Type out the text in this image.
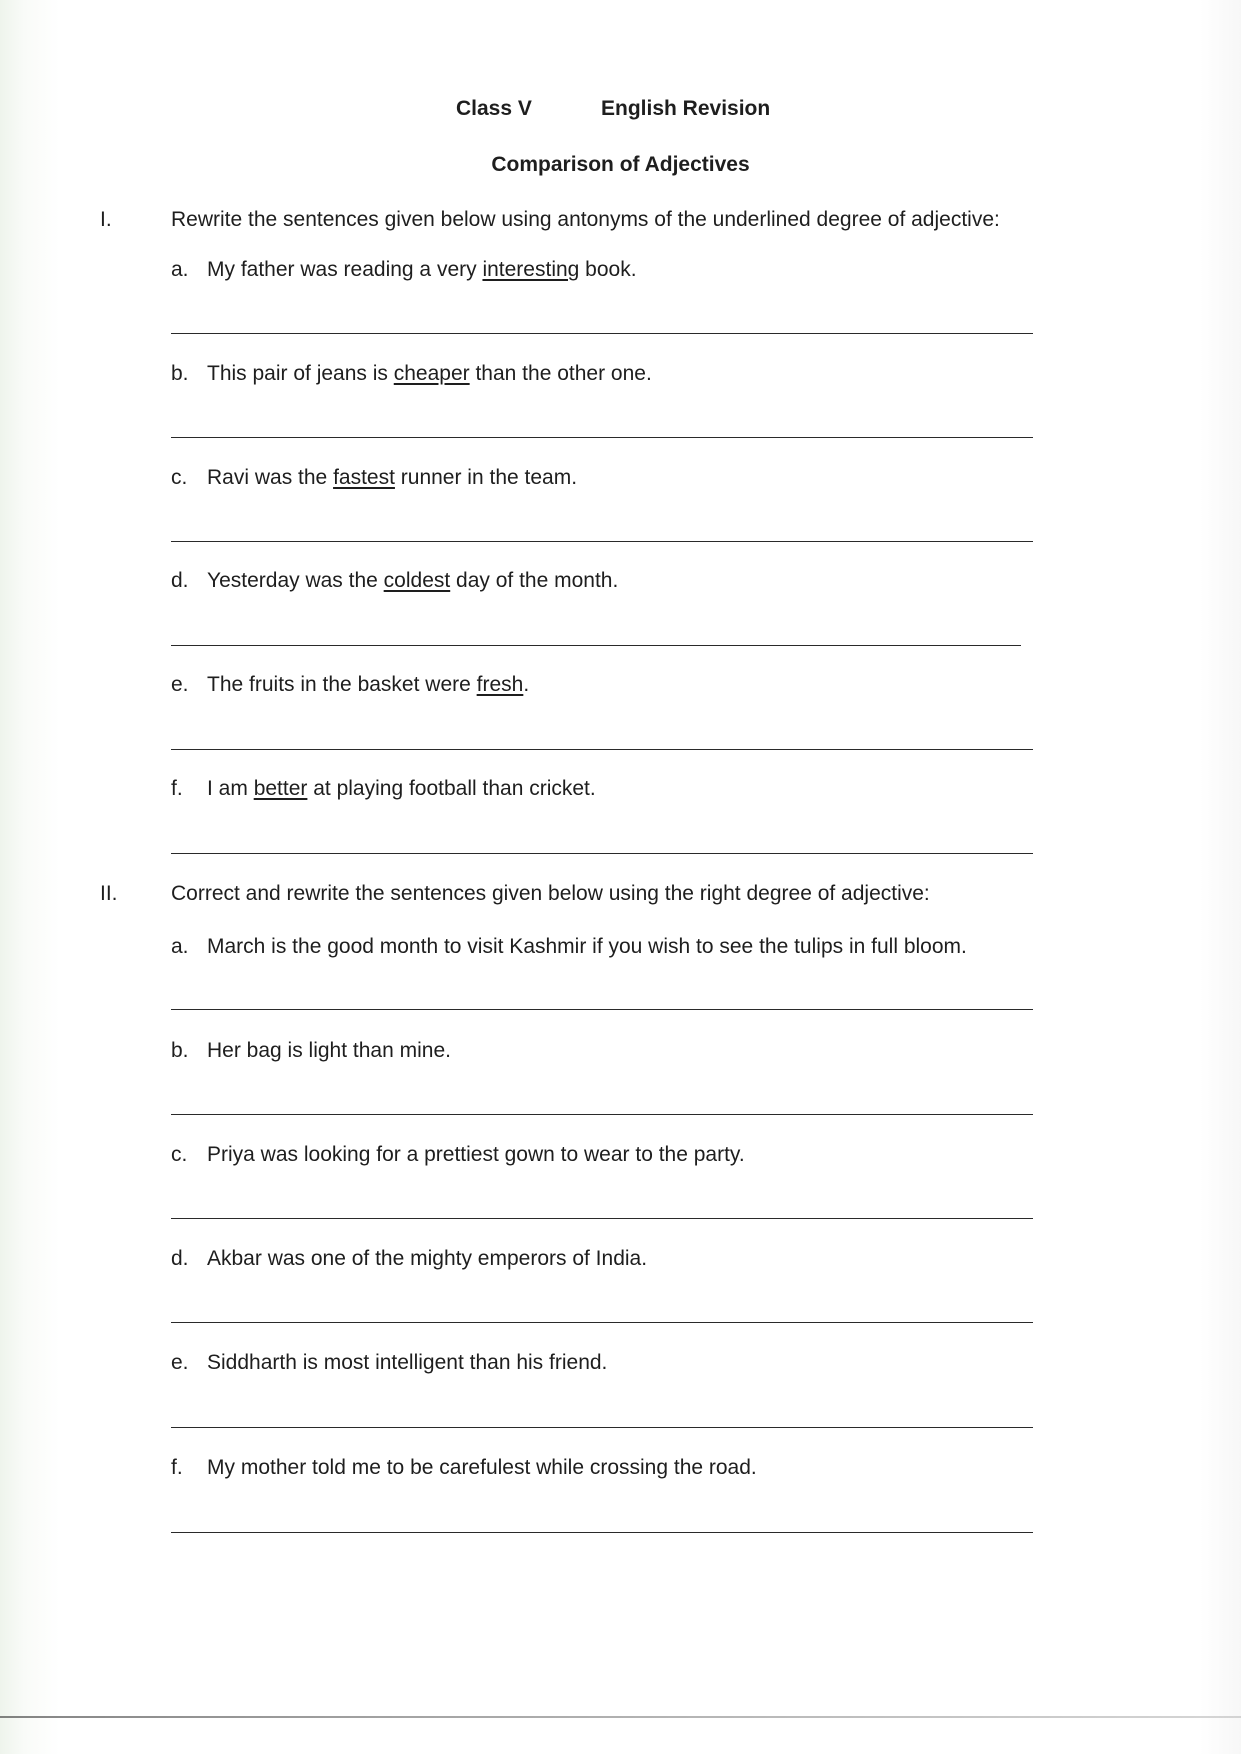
Class V	English Revision
Comparison of Adjectives
I.	Rewrite the sentences given below using antonyms of the underlined degree of adjective:
a. My father was reading a very interesting book.
b. This pair of jeans is cheaper than the other one.
c. Ravi was the fastest runner in the team.
d. Yesterday was the coldest day of the month.
e. The fruits in the basket were fresh.
f. I am better at playing football than cricket.
II.	Correct and rewrite the sentences given below using the right degree of adjective:
a. March is the good month to visit Kashmir if you wish to see the tulips in full bloom.
b. Her bag is light than mine.
c. Priya was looking for a prettiest gown to wear to the party.
d. Akbar was one of the mighty emperors of India.
e. Siddharth is most intelligent than his friend.
f. My mother told me to be carefulest while crossing the road.
